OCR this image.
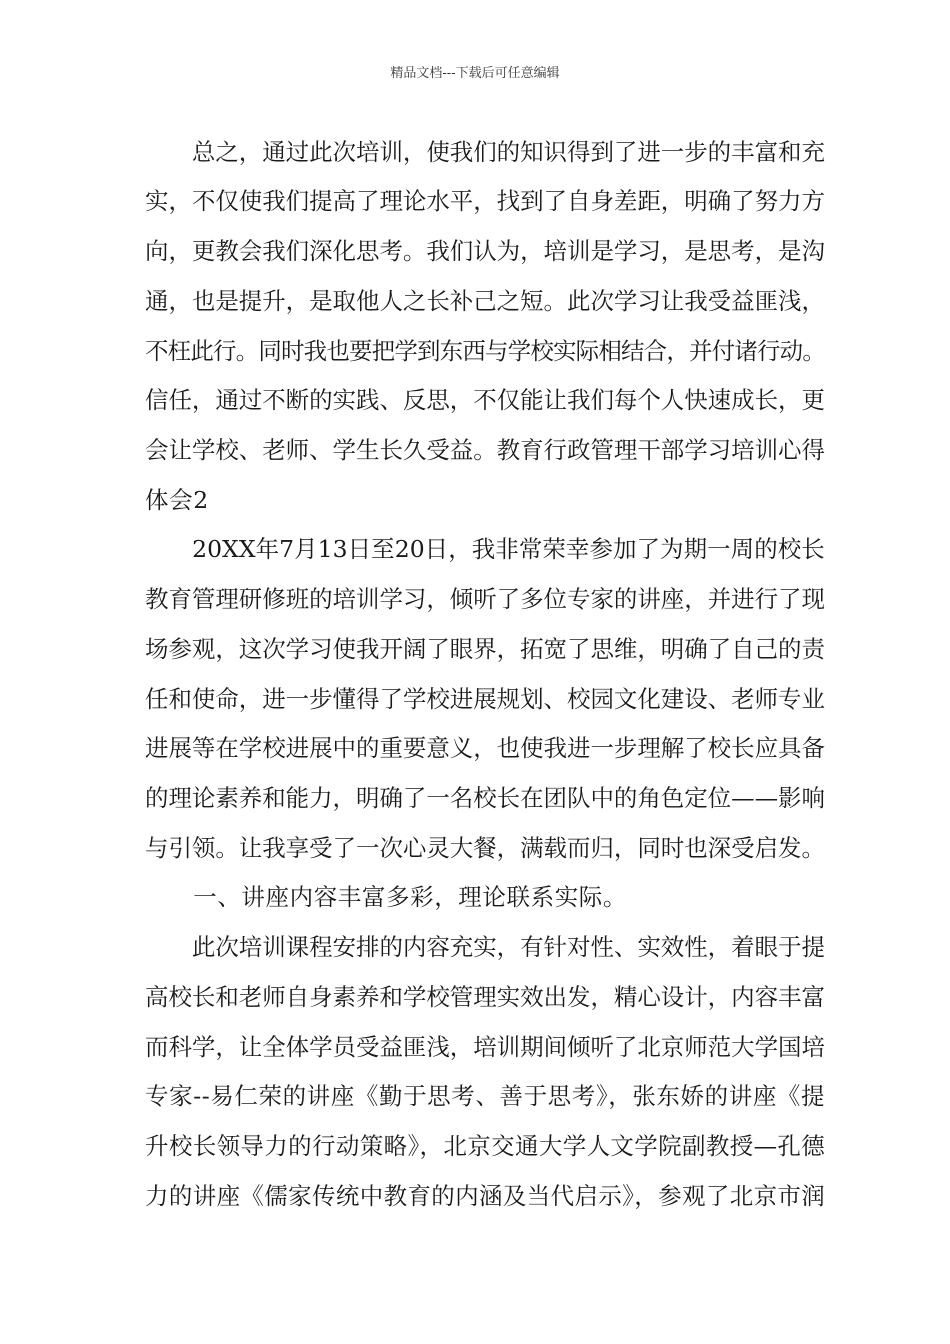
精品文档---下载后可任意编辑
　　总之，通过此次培训，使我们的知识得到了进一步的丰富和充
实，不仅使我们提高了理论水平，找到了自身差距，明确了努力方
向，更教会我们深化思考。我们认为，培训是学习，是思考，是沟
通，也是提升，是取他人之长补己之短。此次学习让我受益匪浅，
不枉此行。同时我也要把学到东西与学校实际相结合，并付诸行动。
信任，通过不断的实践、反思，不仅能让我们每个人快速成长，更
会让学校、老师、学生长久受益。教育行政管理干部学习培训心得
体会2
　　20XX年7月13日至20日，我非常荣幸参加了为期一周的校长
教育管理研修班的培训学习，倾听了多位专家的讲座，并进行了现
场参观，这次学习使我开阔了眼界，拓宽了思维，明确了自己的责
任和使命，进一步懂得了学校进展规划、校园文化建设、老师专业
进展等在学校进展中的重要意义，也使我进一步理解了校长应具备
的理论素养和能力，明确了一名校长在团队中的角色定位——影响
与引领。让我享受了一次心灵大餐，满载而归，同时也深受启发。
　　一、讲座内容丰富多彩，理论联系实际。
　　此次培训课程安排的内容充实，有针对性、实效性，着眼于提
高校长和老师自身素养和学校管理实效出发，精心设计，内容丰富
而科学，让全体学员受益匪浅，培训期间倾听了北京师范大学国培
专家--易仁荣的讲座《勤于思考、善于思考》，张东娇的讲座《提
升校长领导力的行动策略》，北京交通大学人文学院副教授—孔德
力的讲座《儒家传统中教育的内涵及当代启示》，参观了北京市润
